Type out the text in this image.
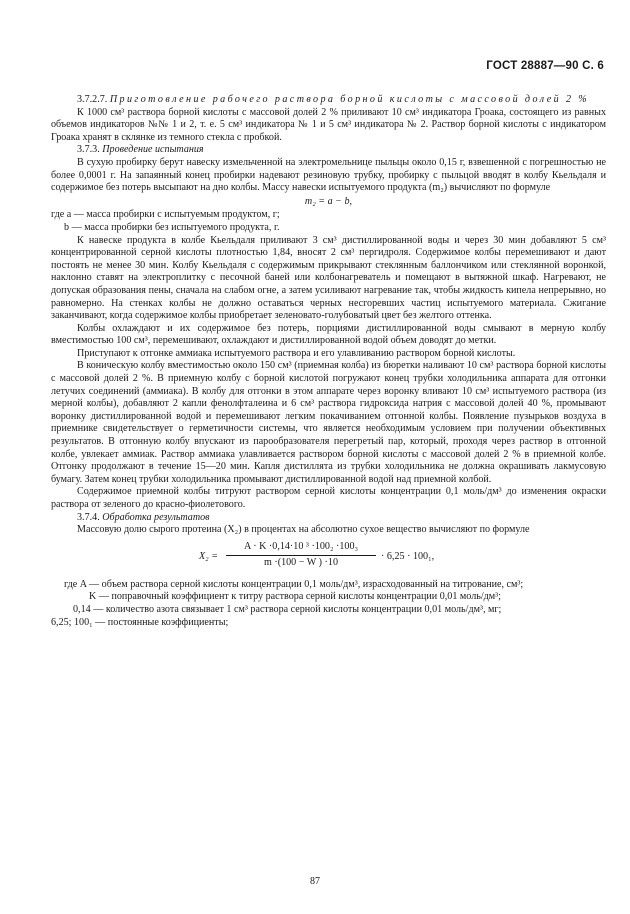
ГОСТ 28887—90 С. 6

3.7.2.7. Приготовление рабочего раствора борной кислоты с массовой долей 2 %

К 1000 см³ раствора борной кислоты с массовой долей 2 % приливают 10 см³ индикатора Гроака, состоящего из равных объемов индикаторов №№ 1 и 2, т. е. 5 см³ индикатора № 1 и 5 см³ индикатора № 2. Раствор борной кислоты с индикатором Гроака хранят в склянке из темного стекла с пробкой.

3.7.3. Проведение испытания

В сухую пробирку берут навеску измельченной на электромельнице пыльцы около 0,15 г, взвешенной с погрешностью не более 0,0001 г. На запаянный конец пробирки надевают резиновую трубку, пробирку с пыльцой вводят в колбу Кьельдаля и содержимое без потерь высыпают на дно колбы. Массу навески испытуемого продукта (m₂) вычисляют по формуле

m₂ = a − b,

где a — масса пробирки с испытуемым продуктом, г;
b — масса пробирки без испытуемого продукта, г.

К навеске продукта в колбе Кьельдаля приливают 3 см³ дистиллированной воды и через 30 мин добавляют 5 см³ концентрированной серной кислоты плотностью 1,84, вносят 2 см³ пергидроля. Содержимое колбы перемешивают и дают постоять не менее 30 мин. Колбу Кьельдаля с содержимым прикрывают стеклянным баллончиком или стеклянной воронкой, наклонно ставят на электроплитку с песочной баней или колбонагреватель и помещают в вытяжной шкаф. Нагревают, не допуская образования пены, сначала на слабом огне, а затем усиливают нагревание так, чтобы жидкость кипела непрерывно, но равномерно. На стенках колбы не должно оставаться черных несгоревших частиц испытуемого материала. Сжигание заканчивают, когда содержимое колбы приобретает зеленовато-голубоватый цвет без желтого оттенка.

Колбы охлаждают и их содержимое без потерь, порциями дистиллированной воды смывают в мерную колбу вместимостью 100 см³, перемешивают, охлаждают и дистиллированной водой объем доводят до метки.

Приступают к отгонке аммиака испытуемого раствора и его улавливанию раствором борной кислоты.

В коническую колбу вместимостью около 150 см³ (приемная колба) из бюретки наливают 10 см³ раствора борной кислоты с массовой долей 2 %. В приемную колбу с борной кислотой погружают конец трубки холодильника аппарата для отгонки летучих соединений (аммиака). В колбу для отгонки в этом аппарате через воронку вливают 10 см³ испытуемого раствора (из мерной колбы), добавляют 2 капли фенолфталеина и 6 см³ раствора гидроксида натрия с массовой долей 40 %, промывают воронку дистиллированной водой и перемешивают легким покачиванием отгонной колбы. Появление пузырьков воздуха в приемнике свидетельствует о герметичности системы, что является необходимым условием при получении объективных результатов. В отгонную колбу впускают из парообразователя перегретый пар, который, проходя через раствор в отгонной колбе, увлекает аммиак. Раствор аммиака улавливается раствором борной кислоты с массовой долей 2 % в приемной колбе. Отгонку продолжают в течение 15—20 мин. Капля дистиллята из трубки холодильника не должна окрашивать лакмусовую бумагу. Затем конец трубки холодильника промывают дистиллированной водой над приемной колбой.

Содержимое приемной колбы титруют раствором серной кислоты концентрации 0,1 моль/дм³ до изменения окраски раствора от зеленого до красно-фиолетового.

3.7.4. Обработка результатов

Массовую долю сырого протеина (X₂) в процентах на абсолютно сухое вещество вычисляют по формуле

X₂ =
A · K ·0,14·10 ³ ·100₂ ·100₃
m ·(100 − W ) ·10
· 6,25 · 100₁,
где A — объем раствора серной кислоты концентрации 0,1 моль/дм³, израсходованный на титрование, см³;
K — поправочный коэффициент к титру раствора серной кислоты концентрации 0,01 моль/дм³;
0,14 — количество азота связывает 1 см³ раствора серной кислоты концентрации 0,01 моль/дм³, мг;
6,25; 100₁ — постоянные коэффициенты;
87
